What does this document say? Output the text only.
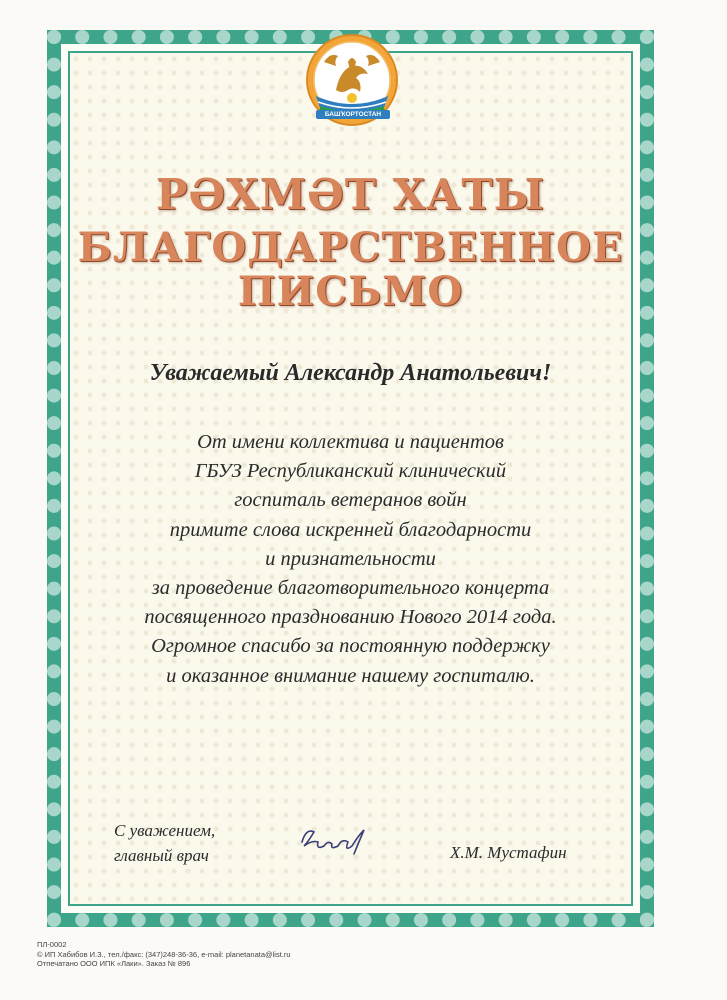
БАШҠОРТОСТАН
РӘХМӘТ ХАТЫ
БЛАГОДАРСТВЕННОЕ
ПИСЬМО

Уважаемый Александр Анатольевич!

От имени коллектива и пациентов
ГБУЗ Республиканский клинический
госпиталь ветеранов войн
примите слова искренней благодарности
и признательности
за проведение благотворительного концерта
посвященного празднованию Нового 2014 года.
Огромное спасибо за постоянную поддержку
и оказанное внимание нашему госпиталю.
С уважением,
главный врач	Х.М. Мустафин
ПЛ-0002
© ИП Хабибов И.З., тел./факс: (347)248-36-36, e-mail: planetanata@list.ru
Отпечатано ООО ИПК «Лаки». Заказ № 896
